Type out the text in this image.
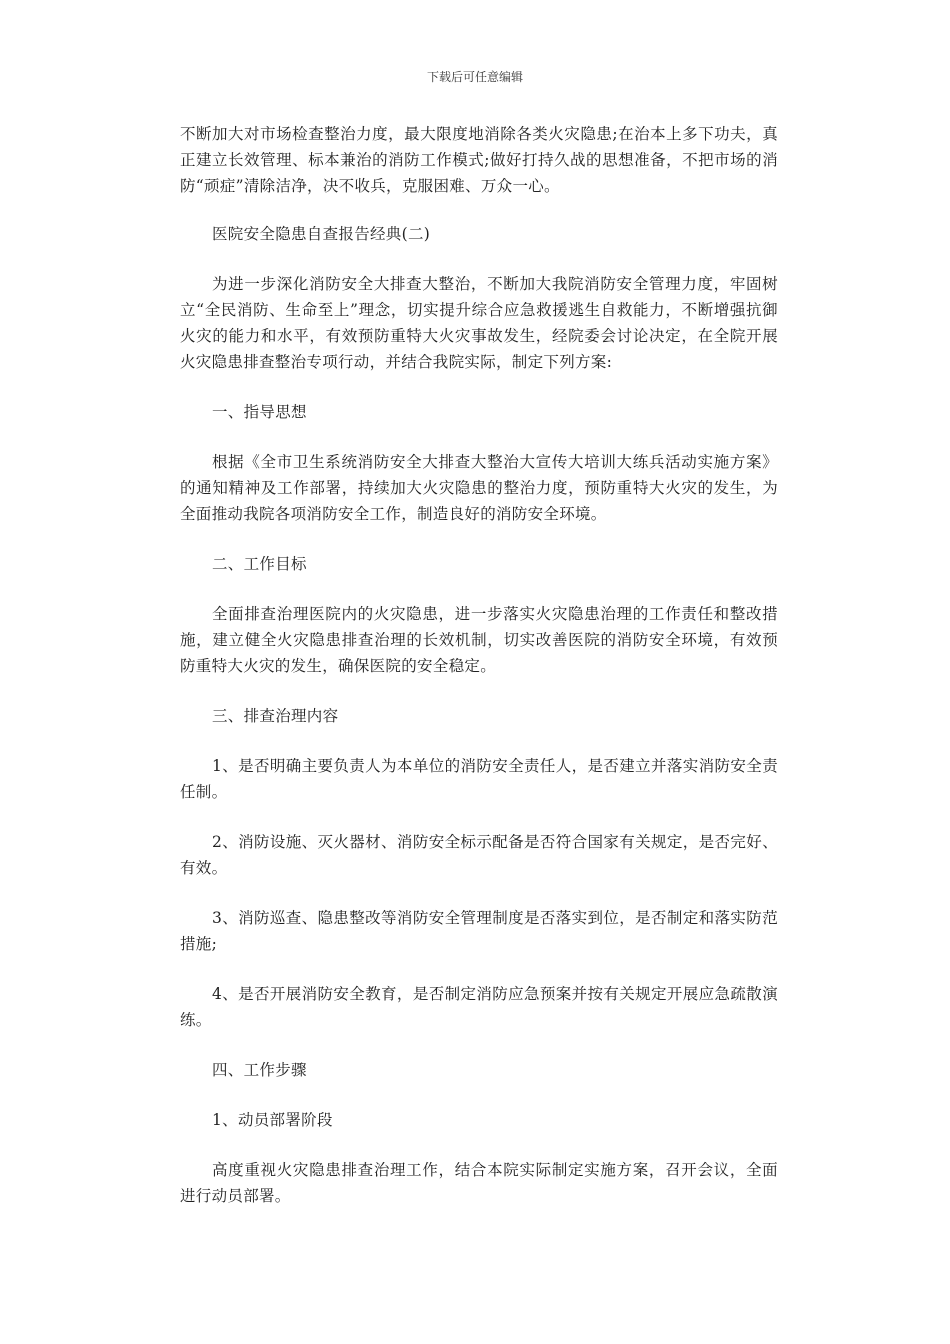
下载后可任意编辑

不断加大对市场检查整治力度，最大限度地消除各类火灾隐患;在治本上多下功夫，真正建立长效管理、标本兼治的消防工作模式;做好打持久战的思想准备，不把市场的消防“顽症”清除洁净，决不收兵，克服困难、万众一心。

医院安全隐患自查报告经典(二)

为进一步深化消防安全大排查大整治，不断加大我院消防安全管理力度，牢固树立“全民消防、生命至上”理念，切实提升综合应急救援逃生自救能力，不断增强抗御火灾的能力和水平，有效预防重特大火灾事故发生，经院委会讨论决定，在全院开展火灾隐患排查整治专项行动，并结合我院实际，制定下列方案:

一、指导思想

根据《全市卫生系统消防安全大排查大整治大宣传大培训大练兵活动实施方案》的通知精神及工作部署，持续加大火灾隐患的整治力度，预防重特大火灾的发生，为全面推动我院各项消防安全工作，制造良好的消防安全环境。

二、工作目标

全面排查治理医院内的火灾隐患，进一步落实火灾隐患治理的工作责任和整改措施，建立健全火灾隐患排查治理的长效机制，切实改善医院的消防安全环境，有效预防重特大火灾的发生，确保医院的安全稳定。

三、排查治理内容

1、是否明确主要负责人为本单位的消防安全责任人，是否建立并落实消防安全责任制。

2、消防设施、灭火器材、消防安全标示配备是否符合国家有关规定，是否完好、有效。

3、消防巡查、隐患整改等消防安全管理制度是否落实到位，是否制定和落实防范措施;

4、是否开展消防安全教育，是否制定消防应急预案并按有关规定开展应急疏散演练。

四、工作步骤

1、动员部署阶段

高度重视火灾隐患排查治理工作，结合本院实际制定实施方案，召开会议，全面进行动员部署。
